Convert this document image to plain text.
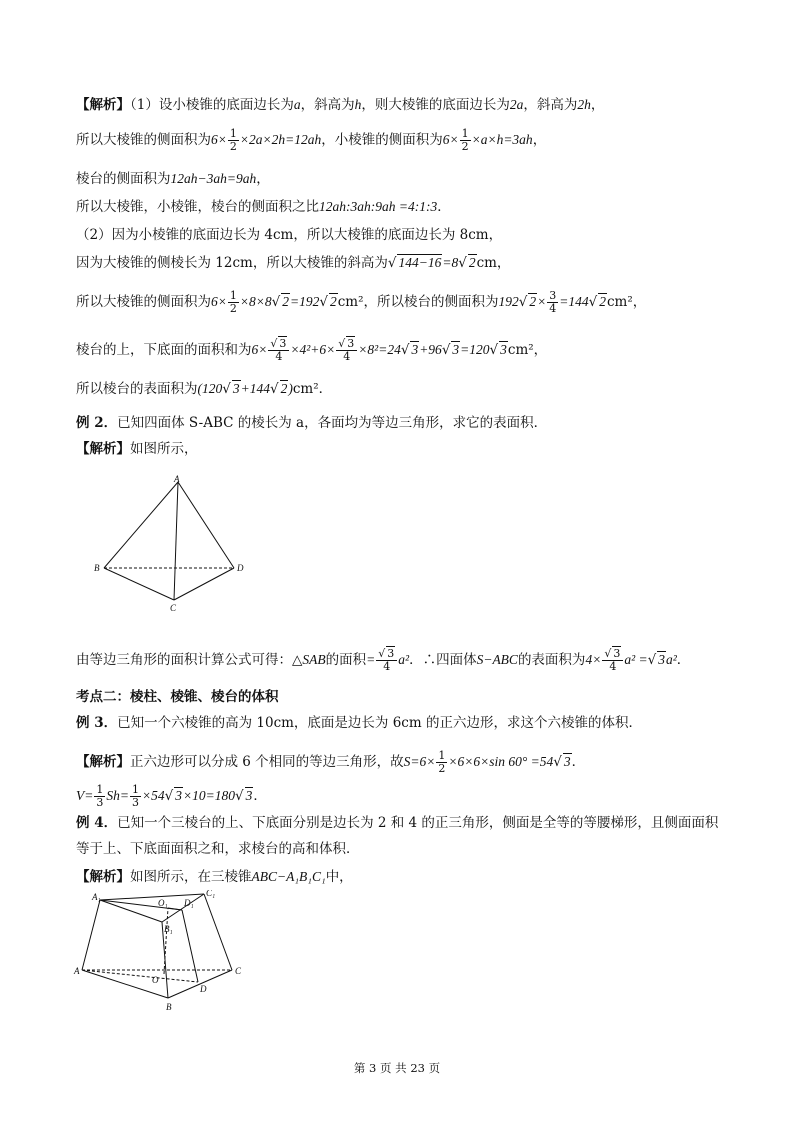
【解析】（1）设小棱锥的底面边长为a，斜高为h，则大棱锥的底面边长为2a，斜高为2h，
所以大棱锥的侧面积为$6\times \frac{1}{2} \times 2a\times 2h=12ah$，小棱锥的侧面积为$6\times \frac{1}{2} \times a\times h=3ah$，
棱台的侧面积为12ah−3ah=9ah，
所以大棱锥，小棱锥，棱台的侧面积之比12ah:3ah:9ah =4:1:3．
（2）因为小棱锥的底面边长为 4cm，所以大棱锥的底面边长为 8cm，
因为大棱锥的侧棱长为 12cm，所以大棱锥的斜高为√ 144−16=8√ 2cm，
所以大棱锥的侧面积为$6\times \frac{1}{2} \times 8\times 8√$ 2=192√ 2cm²，所以棱台的侧面积为192√ $2\times \frac{3}{4} =144√$ 2cm²，
棱台的上，下底面的面积和为$6\times \frac{√ 3}{4} \times 4^2+6\times \frac{√ 3}{4} \times 8^2=24√$ 3+96√ 3=120√ 3cm²，
所以棱台的表面积为(120√ 3+144√ 2)cm²．
例 2．已知四面体 S-ABC 的棱长为 a，各面均为等边三角形，求它的表面积．
【解析】如图所示，
A
B	D
C
由等边三角形的面积计算公式可得：△SAB的面积= $\frac{√ 3}{4} a^2$．∴四面体S−ABC的表面积为$4\times \frac{√ 3}{4} a^2$ =√ 3a²．
考点二：棱柱、棱锥、棱台的体积
例 3．已知一个六棱锥的高为 10cm，底面是边长为 6cm 的正六边形，求这个六棱锥的体积．
【解析】正六边形可以分成 6 个相同的等边三角形，故$S=6\times \frac{1}{2} \times 6\times 6\times\sin$ 60° =54√ 3．
$V= \frac{1}{3} Sh= \frac{1}{3} \times 54√$ 3×10=180√ 3．
例 4．已知一个三棱台的上、下底面分别是边长为 2 和 4 的正三角形，侧面是全等的等腰梯形，且侧面面积
等于上、下底面面积之和，求棱台的高和体积．
【解析】如图所示，在三棱锥ABC−A₁B₁C₁中，
A₁
O₁
C₁
D₁
B₁
A	C
O
D
B
第 3 页 共 23 页
